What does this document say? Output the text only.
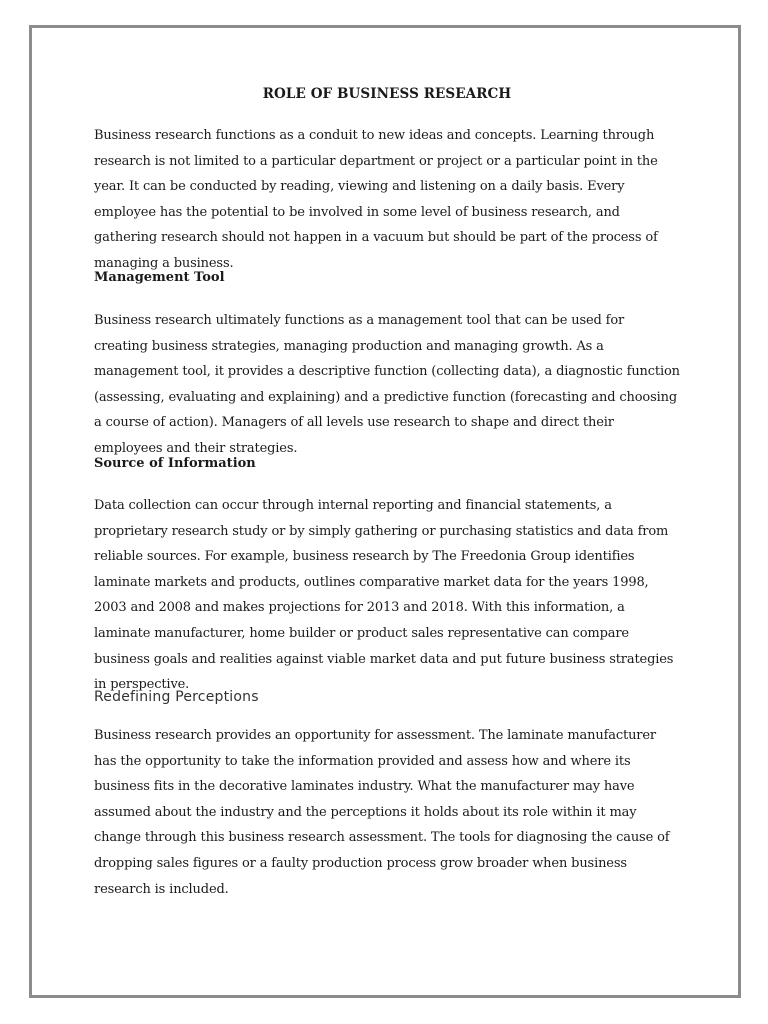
ROLE OF BUSINESS RESEARCH

Business research functions as a conduit to new ideas and concepts. Learning through research is not limited to a particular department or project or a particular point in the year. It can be conducted by reading, viewing and listening on a daily basis. Every employee has the potential to be involved in some level of business research, and gathering research should not happen in a vacuum but should be part of the process of managing a business.

Management Tool

Business research ultimately functions as a management tool that can be used for creating business strategies, managing production and managing growth. As a management tool, it provides a descriptive function (collecting data), a diagnostic function (assessing, evaluating and explaining) and a predictive function (forecasting and choosing a course of action). Managers of all levels use research to shape and direct their employees and their strategies.

Source of Information

Data collection can occur through internal reporting and financial statements, a proprietary research study or by simply gathering or purchasing statistics and data from reliable sources. For example, business research by The Freedonia Group identifies laminate markets and products, outlines comparative market data for the years 1998, 2003 and 2008 and makes projections for 2013 and 2018. With this information, a laminate manufacturer, home builder or product sales representative can compare business goals and realities against viable market data and put future business strategies in perspective.

Redefining Perceptions

Business research provides an opportunity for assessment. The laminate manufacturer has the opportunity to take the information provided and assess how and where its business fits in the decorative laminates industry. What the manufacturer may have assumed about the industry and the perceptions it holds about its role within it may change through this business research assessment. The tools for diagnosing the cause of dropping sales figures or a faulty production process grow broader when business research is included.
